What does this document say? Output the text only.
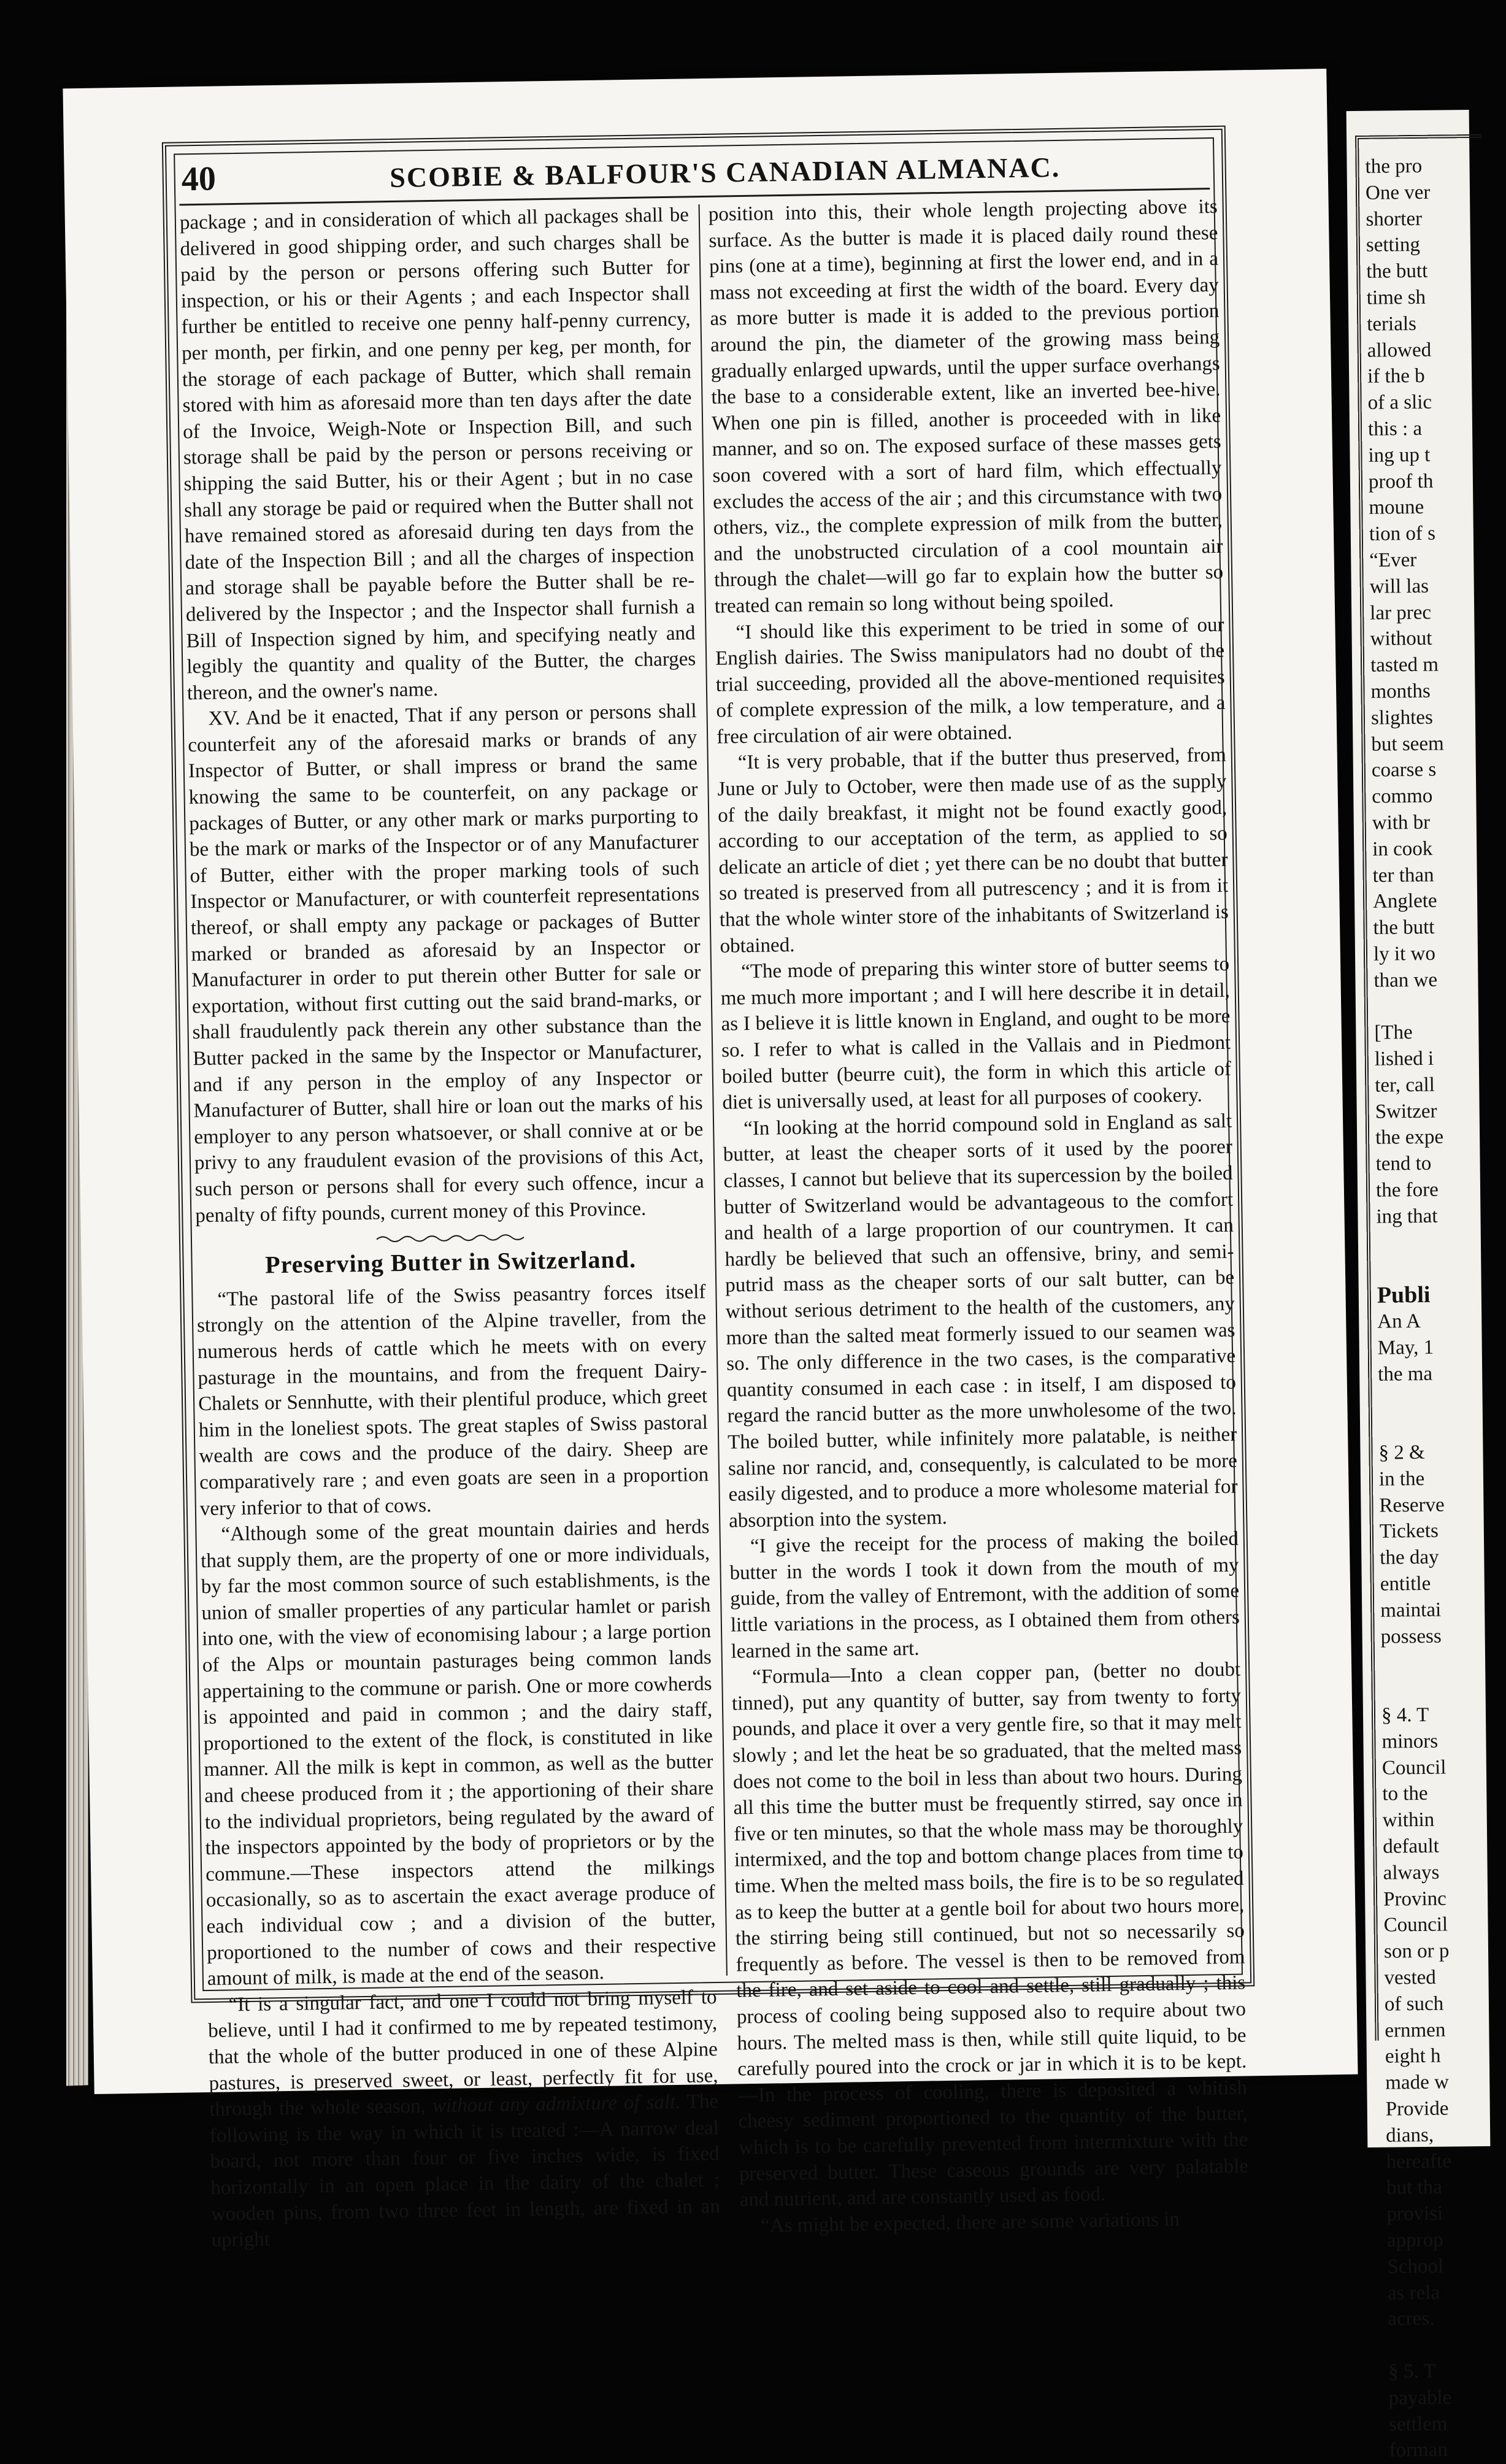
the pro
One ver
shorter
setting
the butt
time sh
terials
allowed
if the b
of a slic
this : a
ing up t
proof th
moune
tion of s
“Ever
will las
lar prec
without
tasted m
months
slightes
but seem
coarse s
commo
with br
in cook
ter than
Anglete
the butt
ly it wo
than we
[The
lished i
ter, call
Switzer
the expe
tend to
the fore
ing that
Publi
An A
May, 1
the ma
§ 2 &
in the
Reserve
Tickets
the day
entitle
maintai
possess
§ 4. T
minors
Council
to the
within
default
always
Provinc
Council
son or p
vested
of such
ernmen
eight h
made w
Provide
dians,
hereafte
but tha
provisi
approp
School
as rela
acres.
§ 5. T
payable
settlem
forman
40	SCOBIE & BALFOUR'S CANADIAN ALMANAC.

package ; and in consideration of which all packages shall be delivered in good shipping order, and such charges shall be paid by the person or persons offering such Butter for inspection, or his or their Agents ; and each Inspector shall further be entitled to receive one penny half-penny currency, per month, per firkin, and one penny per keg, per month, for the storage of each package of Butter, which shall remain stored with him as aforesaid more than ten days after the date of the Invoice, Weigh-Note or Inspection Bill, and such storage shall be paid by the person or persons receiving or shipping the said Butter, his or their Agent ; but in no case shall any storage be paid or required when the Butter shall not have remained stored as aforesaid during ten days from the date of the Inspection Bill ; and all the charges of inspection and storage shall be payable before the Butter shall be re-delivered by the Inspector ; and the Inspector shall furnish a Bill of Inspection signed by him, and specifying neatly and legibly the quantity and quality of the Butter, the charges thereon, and the owner's name.

XV. And be it enacted, That if any person or persons shall counterfeit any of the aforesaid marks or brands of any Inspector of Butter, or shall impress or brand the same knowing the same to be counterfeit, on any package or packages of Butter, or any other mark or marks purporting to be the mark or marks of the Inspector or of any Manufacturer of Butter, either with the proper marking tools of such Inspector or Manufacturer, or with counterfeit representations thereof, or shall empty any package or packages of Butter marked or branded as aforesaid by an Inspector or Manufacturer in order to put therein other Butter for sale or exportation, without first cutting out the said brand-marks, or shall fraudulently pack therein any other substance than the Butter packed in the same by the Inspector or Manufacturer, and if any person in the employ of any Inspector or Manufacturer of Butter, shall hire or loan out the marks of his employer to any person whatsoever, or shall connive at or be privy to any fraudulent evasion of the provisions of this Act, such person or persons shall for every such offence, incur a penalty of fifty pounds, current money of this Province.

Preserving Butter in Switzerland.

“The pastoral life of the Swiss peasantry forces itself strongly on the attention of the Alpine traveller, from the numerous herds of cattle which he meets with on every pasturage in the mountains, and from the frequent Dairy-Chalets or Sennhutte, with their plentiful produce, which greet him in the loneliest spots. The great staples of Swiss pastoral wealth are cows and the produce of the dairy. Sheep are comparatively rare ; and even goats are seen in a proportion very inferior to that of cows.

“Although some of the great mountain dairies and herds that supply them, are the property of one or more individuals, by far the most common source of such establishments, is the union of smaller properties of any particular hamlet or parish into one, with the view of economising labour ; a large portion of the Alps or mountain pasturages being common lands appertaining to the commune or parish. One or more cowherds is appointed and paid in common ; and the dairy staff, proportioned to the extent of the flock, is constituted in like manner. All the milk is kept in common, as well as the butter and cheese produced from it ; the apportioning of their share to the individual proprietors, being regulated by the award of the inspectors appointed by the body of proprietors or by the commune.—These inspectors attend the milkings occasionally, so as to ascertain the exact average produce of each individual cow ; and a division of the butter, proportioned to the number of cows and their respective amount of milk, is made at the end of the season.

“It is a singular fact, and one I could not bring myself to believe, until I had it confirmed to me by repeated testimony, that the whole of the butter produced in one of these Alpine pastures, is preserved sweet, or least, perfectly fit for use, through the whole season, without any admixture of salt. The following is the way in which it is treated :—A narrow deal board, not more than four or five inches wide, is fixed horizontally in an open place in the dairy of the chalet ; wooden pins, from two three feet in length, are fixed in an upright

position into this, their whole length projecting above its surface. As the butter is made it is placed daily round these pins (one at a time), beginning at first the lower end, and in a mass not exceeding at first the width of the board. Every day as more butter is made it is added to the previous portion around the pin, the diameter of the growing mass being gradually enlarged upwards, until the upper surface overhangs the base to a considerable extent, like an inverted bee-hive. When one pin is filled, another is proceeded with in like manner, and so on. The exposed surface of these masses gets soon covered with a sort of hard film, which effectually excludes the access of the air ; and this circumstance with two others, viz., the complete expression of milk from the butter, and the unobstructed circulation of a cool mountain air through the chalet—will go far to explain how the butter so treated can remain so long without being spoiled.

“I should like this experiment to be tried in some of our English dairies. The Swiss manipulators had no doubt of the trial succeeding, provided all the above-mentioned requisites of complete expression of the milk, a low temperature, and a free circulation of air were obtained.

“It is very probable, that if the butter thus preserved, from June or July to October, were then made use of as the supply of the daily breakfast, it might not be found exactly good, according to our acceptation of the term, as applied to so delicate an article of diet ; yet there can be no doubt that butter so treated is preserved from all putrescency ; and it is from it that the whole winter store of the inhabitants of Switzerland is obtained.

“The mode of preparing this winter store of butter seems to me much more important ; and I will here describe it in detail, as I believe it is little known in England, and ought to be more so. I refer to what is called in the Vallais and in Piedmont boiled butter (beurre cuit), the form in which this article of diet is universally used, at least for all purposes of cookery.

“In looking at the horrid compound sold in England as salt butter, at least the cheaper sorts of it used by the poorer classes, I cannot but believe that its supercession by the boiled butter of Switzerland would be advantageous to the comfort and health of a large proportion of our countrymen. It can hardly be believed that such an offensive, briny, and semi-putrid mass as the cheaper sorts of our salt butter, can be without serious detriment to the health of the customers, any more than the salted meat formerly issued to our seamen was so. The only difference in the two cases, is the comparative quantity consumed in each case : in itself, I am disposed to regard the rancid butter as the more unwholesome of the two. The boiled butter, while infinitely more palatable, is neither saline nor rancid, and, consequently, is calculated to be more easily digested, and to produce a more wholesome material for absorption into the system.

“I give the receipt for the process of making the boiled butter in the words I took it down from the mouth of my guide, from the valley of Entremont, with the addition of some little variations in the process, as I obtained them from others learned in the same art.

“Formula—Into a clean copper pan, (better no doubt tinned), put any quantity of butter, say from twenty to forty pounds, and place it over a very gentle fire, so that it may melt slowly ; and let the heat be so graduated, that the melted mass does not come to the boil in less than about two hours. During all this time the butter must be frequently stirred, say once in five or ten minutes, so that the whole mass may be thoroughly intermixed, and the top and bottom change places from time to time. When the melted mass boils, the fire is to be so regulated as to keep the butter at a gentle boil for about two hours more, the stirring being still continued, but not so necessarily so frequently as before. The vessel is then to be removed from the fire, and set aside to cool and settle, still gradually ; this process of cooling being supposed also to require about two hours. The melted mass is then, while still quite liquid, to be carefully poured into the crock or jar in which it is to be kept.—In the process of cooling, there is deposited a whitish cheesy sediment proportioned to the quantity of the butter, which is to be carefully prevented from intermixture with the preserved butter. These caseous grounds are very palatable and nutrient, and are constantly used as food.

“As might be expected, there are some variations in
